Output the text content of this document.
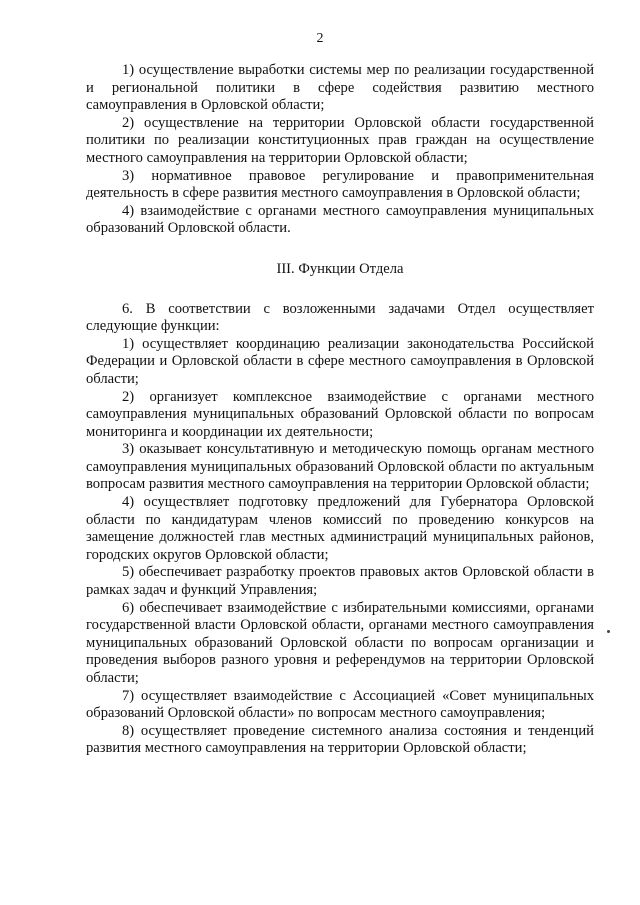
2

1) осуществление выработки системы мер по реализации государственной и региональной политики в сфере содействия развитию местного самоуправления в Орловской области;

2) осуществление на территории Орловской области государственной политики по реализации конституционных прав граждан на осуществление местного самоуправления на территории Орловской области;

3) нормативное правовое регулирование и правоприменительная деятельность в сфере развития местного самоуправления в Орловской области;

4) взаимодействие с органами местного самоуправления муниципальных образований Орловской области.

III. Функции Отдела

6. В соответствии с возложенными задачами Отдел осуществляет следующие функции:

1) осуществляет координацию реализации законодательства Российской Федерации и Орловской области в сфере местного самоуправления в Орловской области;

2) организует комплексное взаимодействие с органами местного самоуправления муниципальных образований Орловской области по вопросам мониторинга и координации их деятельности;

3) оказывает консультативную и методическую помощь органам местного самоуправления муниципальных образований Орловской области по актуальным вопросам развития местного самоуправления на территории Орловской области;

4) осуществляет подготовку предложений для Губернатора Орловской области по кандидатурам членов комиссий по проведению конкурсов на замещение должностей глав местных администраций муниципальных районов, городских округов Орловской области;

5) обеспечивает разработку проектов правовых актов Орловской области в рамках задач и функций Управления;

6) обеспечивает взаимодействие с избирательными комиссиями, органами государственной власти Орловской области, органами местного самоуправления муниципальных образований Орловской области по вопросам организации и проведения выборов разного уровня и референдумов на территории Орловской области;

7) осуществляет взаимодействие с Ассоциацией «Совет муниципальных образований Орловской области» по вопросам местного самоуправления;

8) осуществляет проведение системного анализа состояния и тенденций развития местного самоуправления на территории Орловской области;
